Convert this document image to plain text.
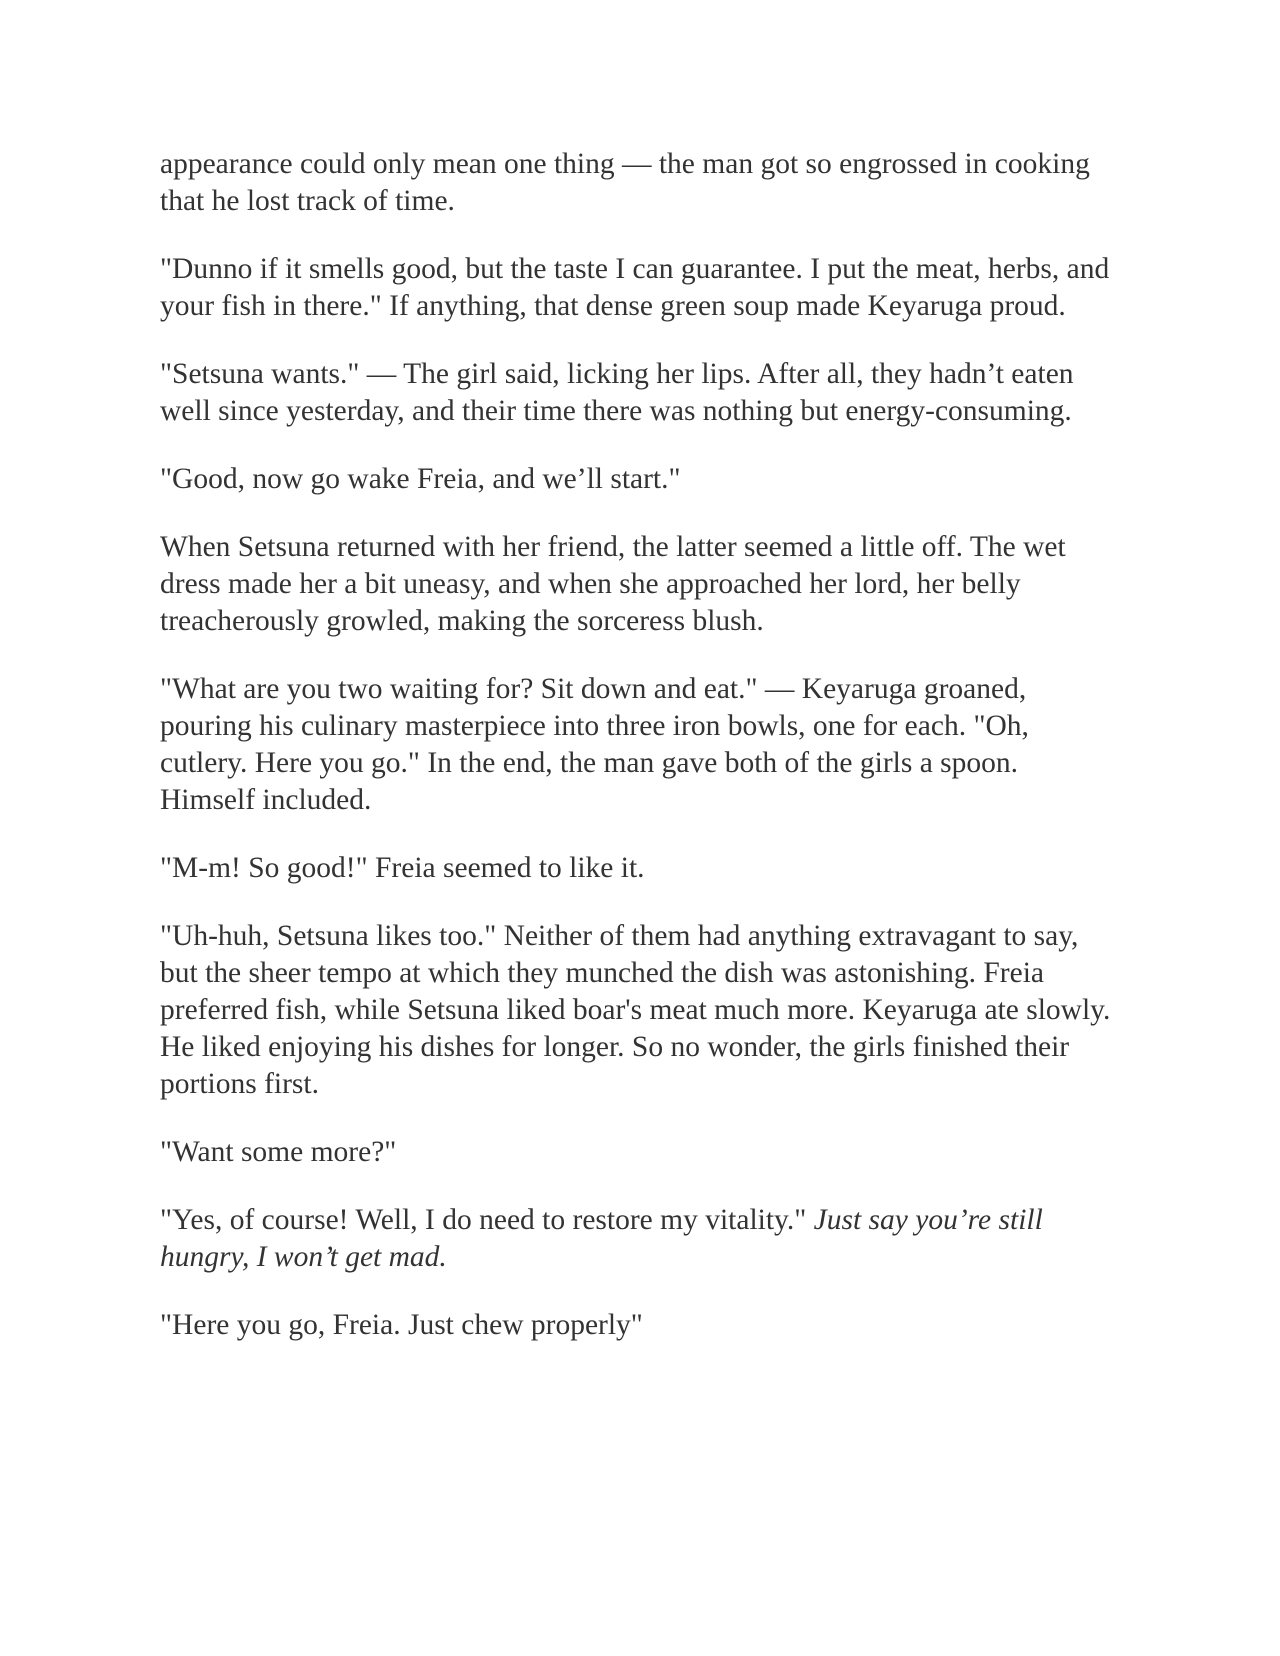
appearance could only mean one thing — the man got so engrossed in cooking that he lost track of time.

"Dunno if it smells good, but the taste I can guarantee. I put the meat, herbs, and your fish in there." If anything, that dense green soup made Keyaruga proud.

"Setsuna wants." — The girl said, licking her lips. After all, they hadn’t eaten well since yesterday, and their time there was nothing but energy-consuming.

"Good, now go wake Freia, and we’ll start."

When Setsuna returned with her friend, the latter seemed a little off. The wet dress made her a bit uneasy, and when she approached her lord, her belly treacherously growled, making the sorceress blush.

"What are you two waiting for? Sit down and eat." — Keyaruga groaned, pouring his culinary masterpiece into three iron bowls, one for each. "Oh, cutlery. Here you go." In the end, the man gave both of the girls a spoon. Himself included.

"M-m! So good!" Freia seemed to like it.

"Uh-huh, Setsuna likes too." Neither of them had anything extravagant to say, but the sheer tempo at which they munched the dish was astonishing. Freia preferred fish, while Setsuna liked boar's meat much more. Keyaruga ate slowly. He liked enjoying his dishes for longer. So no wonder, the girls finished their portions first.

"Want some more?"

"Yes, of course! Well, I do need to restore my vitality." Just say you’re still hungry, I won’t get mad.

"Here you go, Freia. Just chew properly"
